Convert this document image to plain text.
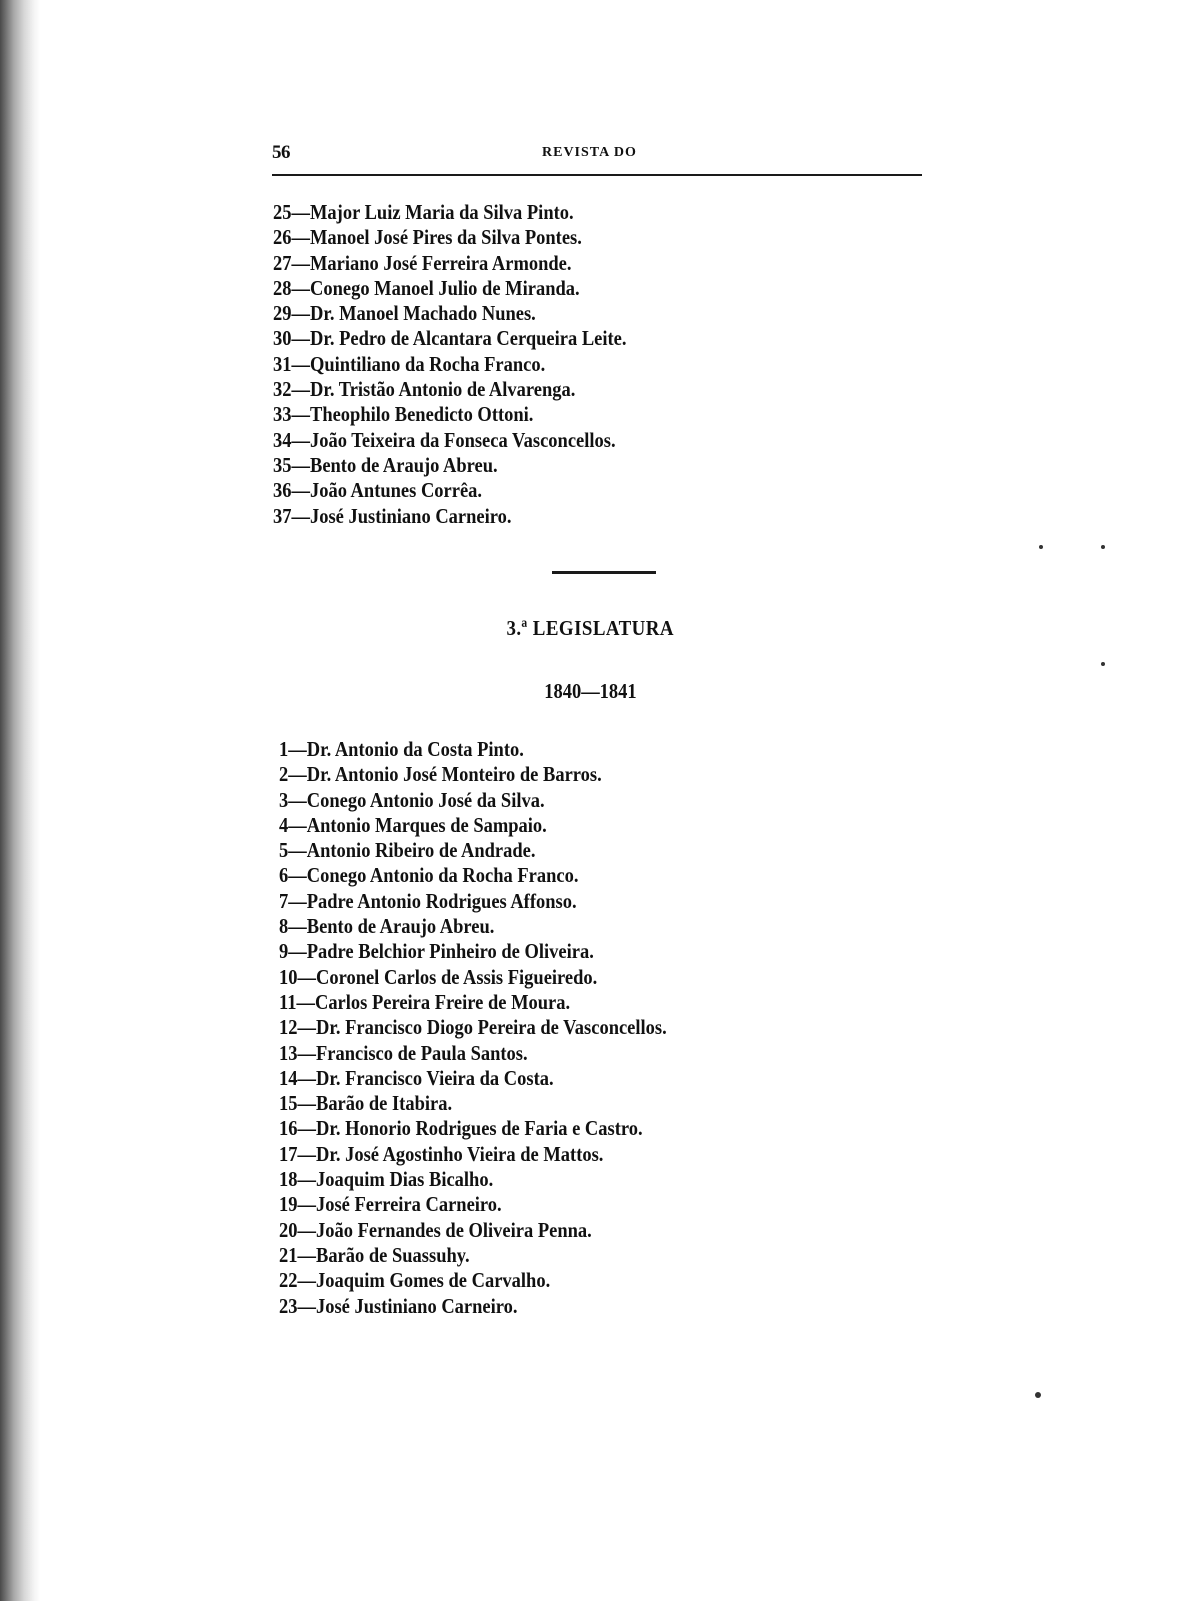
56	REVISTA DO
25—Major Luiz Maria da Silva Pinto.
26—Manoel José Pires da Silva Pontes.
27—Mariano José Ferreira Armonde.
28—Conego Manoel Julio de Miranda.
29—Dr. Manoel Machado Nunes.
30—Dr. Pedro de Alcantara Cerqueira Leite.
31—Quintiliano da Rocha Franco.
32—Dr. Tristão Antonio de Alvarenga.
33—Theophilo Benedicto Ottoni.
34—João Teixeira da Fonseca Vasconcellos.
35—Bento de Araujo Abreu.
36—João Antunes Corrêa.
37—José Justiniano Carneiro.
3.ª LEGISLATURA
1840—1841
1—Dr. Antonio da Costa Pinto.
2—Dr. Antonio José Monteiro de Barros.
3—Conego Antonio José da Silva.
4—Antonio Marques de Sampaio.
5—Antonio Ribeiro de Andrade.
6—Conego Antonio da Rocha Franco.
7—Padre Antonio Rodrigues Affonso.
8—Bento de Araujo Abreu.
9—Padre Belchior Pinheiro de Oliveira.
10—Coronel Carlos de Assis Figueiredo.
11—Carlos Pereira Freire de Moura.
12—Dr. Francisco Diogo Pereira de Vasconcellos.
13—Francisco de Paula Santos.
14—Dr. Francisco Vieira da Costa.
15—Barão de Itabira.
16—Dr. Honorio Rodrigues de Faria e Castro.
17—Dr. José Agostinho Vieira de Mattos.
18—Joaquim Dias Bicalho.
19—José Ferreira Carneiro.
20—João Fernandes de Oliveira Penna.
21—Barão de Suassuhy.
22—Joaquim Gomes de Carvalho.
23—José Justiniano Carneiro.
